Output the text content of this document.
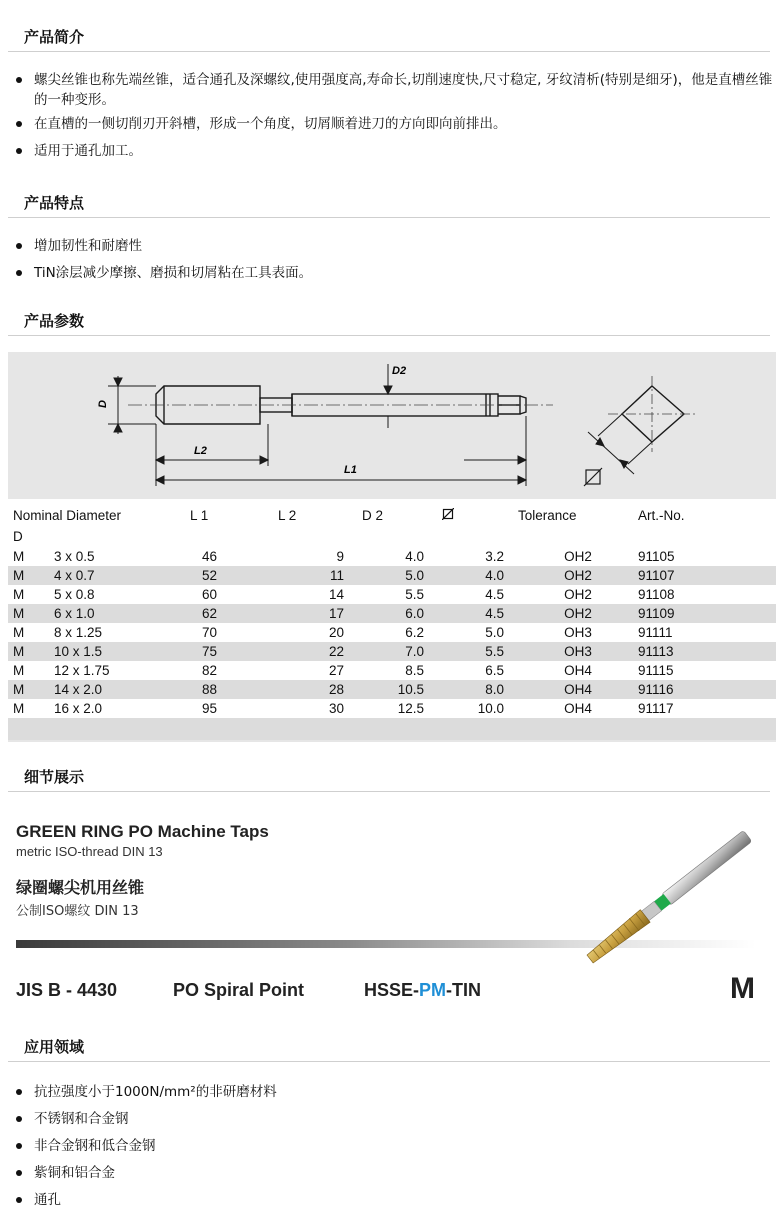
产品简介
螺尖丝锥也称先端丝锥，适合通孔及深螺纹,使用强度高,寿命长,切削速度快,尺寸稳定, 牙纹清析(特别是细牙)，他是直槽丝锥的一种变形。
在直槽的一侧切削刃开斜槽，形成一个角度，切屑顺着进刀的方向即向前排出。
适用于通孔加工。
产品特点
增加韧性和耐磨性
TiN涂层减少摩擦、磨损和切屑粘在工具表面。
产品参数
D
L2
L1
D2
Nominal Diameter		L 1	L 2	D 2		Tolerance	Art.-No.
D							
M	3 x 0.5	46	9	4.0	3.2	OH2	91105
M	4 x 0.7	52	11	5.0	4.0	OH2	91107
M	5 x 0.8	60	14	5.5	4.5	OH2	91108
M	6 x 1.0	62	17	6.0	4.5	OH2	91109
M	8 x 1.25	70	20	6.2	5.0	OH3	91111
M	10 x 1.5	75	22	7.0	5.5	OH3	91113
M	12 x 1.75	82	27	8.5	6.5	OH4	91115
M	14 x 2.0	88	28	10.5	8.0	OH4	91116
M	16 x 2.0	95	30	12.5	10.0	OH4	91117

细节展示
GREEN RING PO Machine Taps
metric ISO-thread DIN 13
绿圈螺尖机用丝锥
公制ISO螺纹 DIN 13
JIS B - 4430	PO Spiral Point	HSSE-PM-TIN	M
应用领域
抗拉强度小于1000N/mm²的非研磨材料
不锈钢和合金钢
非合金钢和低合金钢
紫铜和铝合金
通孔
